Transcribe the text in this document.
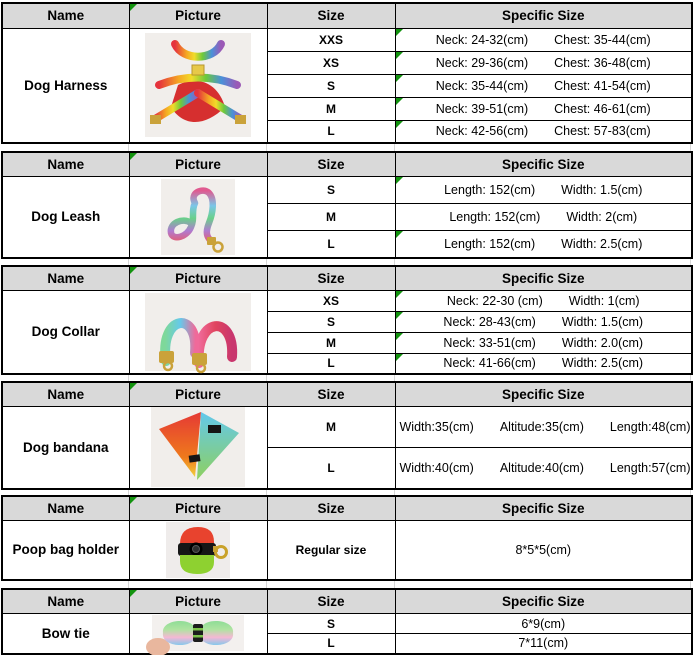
Name	Picture	Size	Specific Size
Dog Harness		XXS	Neck: 24-32(cm) Chest: 35-44(cm)

		XS	Neck: 29-36(cm) Chest: 36-48(cm)

		S	Neck: 35-44(cm) Chest: 41-54(cm)

		M	Neck: 39-51(cm) Chest: 46-61(cm)

		L	Neck: 42-56(cm) Chest: 57-83(cm)
Name	Picture	Size	Specific Size
Dog Leash		S	Length: 152(cm) Width: 1.5(cm)

		M	Length: 152(cm) Width: 2(cm)

		L	Length: 152(cm) Width: 2.5(cm)
Name	Picture	Size	Specific Size
Dog Collar		XS	Neck: 22-30 (cm) Width: 1(cm)

		S	Neck: 28-43(cm) Width: 1.5(cm)

		M	Neck: 33-51(cm) Width: 2.0(cm)

		L	Neck: 41-66(cm) Width: 2.5(cm)
Name	Picture	Size	Specific Size
Dog bandana		M	Width:35(cm) Altitude:35(cm) Length:48(cm)

		L	Width:40(cm) Altitude:40(cm) Length:57(cm)
Name	Picture	Size	Specific Size
Poop bag holder		Regular size	8*5*5(cm)
Name	Picture	Size	Specific Size
Bow tie		S	6*9(cm)

		L	7*11(cm)
